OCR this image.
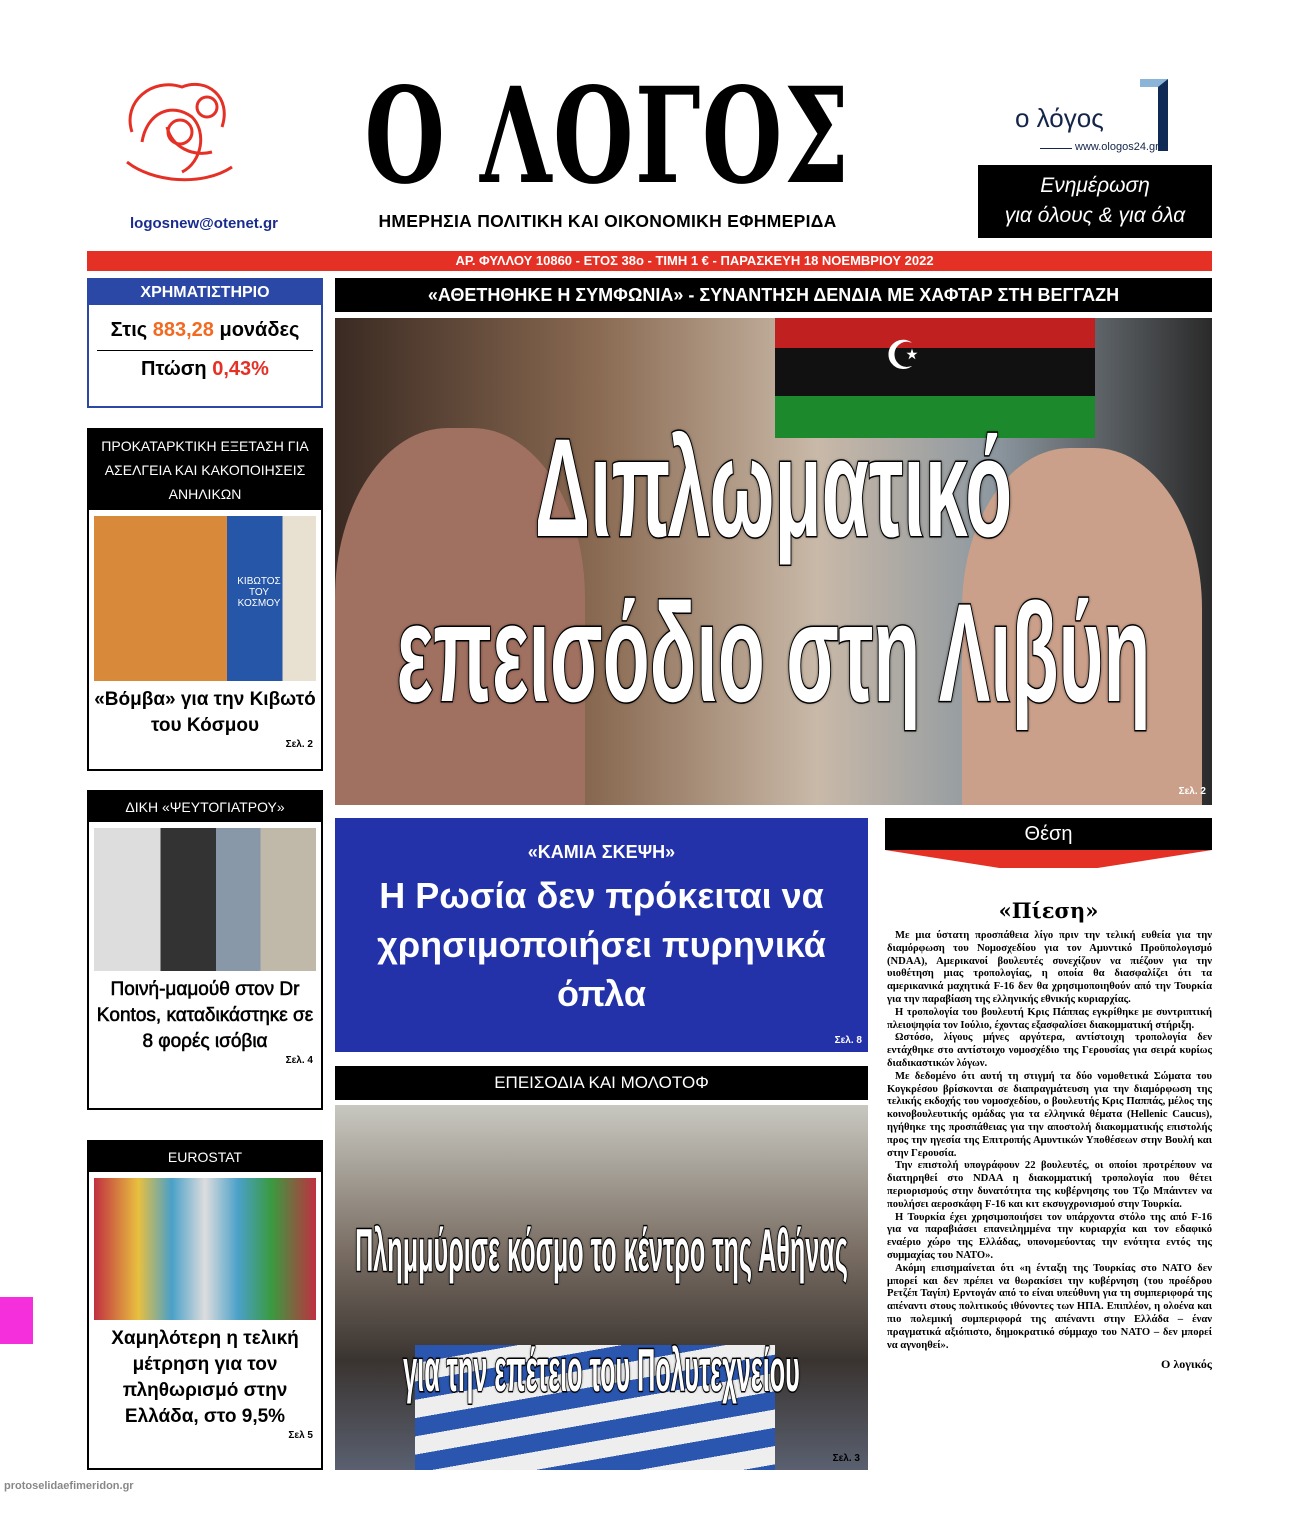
logosnew@otenet.gr
Ο ΛΟΓΟΣ
ΗΜΕΡΗΣΙΑ ΠΟΛΙΤΙΚΗ ΚΑΙ ΟΙΚΟΝΟΜΙΚΗ ΕΦΗΜΕΡΙΔΑ
ο λόγος
www.ologos24.gr
Ενημέρωση
για όλους & για όλα
ΑΡ. ΦΥΛΛΟΥ 10860 - ΕΤΟΣ 38ο - ΤΙΜΗ 1 € - ΠΑΡΑΣΚΕΥΗ 18 ΝΟΕΜΒΡΙΟΥ 2022
ΧΡΗΜΑΤΙΣΤΗΡΙΟ
Στις 883,28 μονάδες
Πτώση 0,43%
ΠΡΟΚΑΤΑΡΚΤΙΚΗ ΕΞΕΤΑΣΗ ΓΙΑ ΑΣΕΛΓΕΙΑ ΚΑΙ ΚΑΚΟΠΟΙΗΣΕΙΣ ΑΝΗΛΙΚΩΝ
ΚΙΒΩΤΟΣ ΤΟΥ ΚΟΣΜΟΥ
«Βόμβα» για την Κιβωτό του Κόσμου
Σελ. 2
ΔΙΚΗ «ΨΕΥΤΟΓΙΑΤΡΟΥ»
Ποινή-μαμούθ στον Dr Kontos, καταδικάστηκε σε 8 φορές ισόβια
Σελ. 4
EUROSTAT
Χαμηλότερη η τελική μέτρηση για τον πληθωρισμό στην Ελλάδα, στο 9,5%
Σελ 5
«ΑΘΕΤΗΘΗΚΕ Η ΣΥΜΦΩΝΙΑ» - ΣΥΝΑΝΤΗΣΗ ΔΕΝΔΙΑ ΜΕ ΧΑΦΤΑΡ ΣΤΗ ΒΕΓΓΑΖΗ
☪
Διπλωματικό
επεισόδιο στη Λιβύη
Σελ. 2
«ΚΑΜΙΑ ΣΚΕΨΗ»
Η Ρωσία δεν πρόκειται να χρησιμοποιήσει πυρηνικά όπλα
Σελ. 8
ΕΠΕΙΣΟΔΙΑ ΚΑΙ ΜΟΛΟΤΟΦ
Πλημμύρισε κόσμο το κέντρο της Αθήνας
για την επέτειο του Πολυτεχνείου
Σελ. 3
Θέση
«Πίεση»

Με μια ύστατη προσπάθεια λίγο πριν την τελική ευθεία για την διαμόρφωση του Νομοσχεδίου για τον Αμυντικό Προϋπολογισμό (NDAA), Αμερικανοί βουλευτές συνεχίζουν να πιέζουν για την υιοθέτηση μιας τροπολογίας, η οποία θα διασφαλίζει ότι τα αμερικανικά μαχητικά F-16 δεν θα χρησιμοποιηθούν από την Τουρκία για την παραβίαση της ελληνικής εθνικής κυριαρχίας.

Η τροπολογία του βουλευτή Κρις Πάππας εγκρίθηκε με συντριπτική πλειοψηφία τον Ιούλιο, έχοντας εξασφαλίσει διακομματική στήριξη.

Ωστόσο, λίγους μήνες αργότερα, αντίστοιχη τροπολογία δεν εντάχθηκε στο αντίστοιχο νομοσχέδιο της Γερουσίας για σειρά κυρίως διαδικαστικών λόγων.

Με δεδομένο ότι αυτή τη στιγμή τα δύο νομοθετικά Σώματα του Κογκρέσου βρίσκονται σε διαπραγμάτευση για την διαμόρφωση της τελικής εκδοχής του νομοσχεδίου, ο βουλευτής Κρις Παππάς, μέλος της κοινοβουλευτικής ομάδας για τα ελληνικά θέματα (Hellenic Caucus), ηγήθηκε της προσπάθειας για την αποστολή διακομματικής επιστολής προς την ηγεσία της Επιτροπής Αμυντικών Υποθέσεων στην Βουλή και στην Γερουσία.

Την επιστολή υπογράφουν 22 βουλευτές, οι οποίοι προτρέπουν να διατηρηθεί στο NDAA η διακομματική τροπολογία που θέτει περιορισμούς στην δυνατότητα της κυβέρνησης του Τζο Μπάιντεν να πουλήσει αεροσκάφη F-16 και κιτ εκσυγχρονισμού στην Τουρκία.

Η Τουρκία έχει χρησιμοποιήσει τον υπάρχοντα στόλο της από F-16 για να παραβιάσει επανειλημμένα την κυριαρχία και τον εδαφικό εναέριο χώρο της Ελλάδας, υπονομεύοντας την ενότητα εντός της συμμαχίας του ΝΑΤΟ».

Ακόμη επισημαίνεται ότι «η ένταξη της Τουρκίας στο ΝΑΤΟ δεν μπορεί και δεν πρέπει να θωρακίσει την κυβέρνηση (του προέδρου Ρετζέπ Ταγίπ) Ερντογάν από το είναι υπεύθυνη για τη συμπεριφορά της απέναντι στους πολιτικούς ιθύνοντες των ΗΠΑ. Επιπλέον, η ολοένα και πιο πολεμική συμπεριφορά της απέναντι στην Ελλάδα – έναν πραγματικά αξιόπιστο, δημοκρατικό σύμμαχο του ΝΑΤΟ – δεν μπορεί να αγνοηθεί».

Ο λογικός
protoselidaefimeridon.gr
